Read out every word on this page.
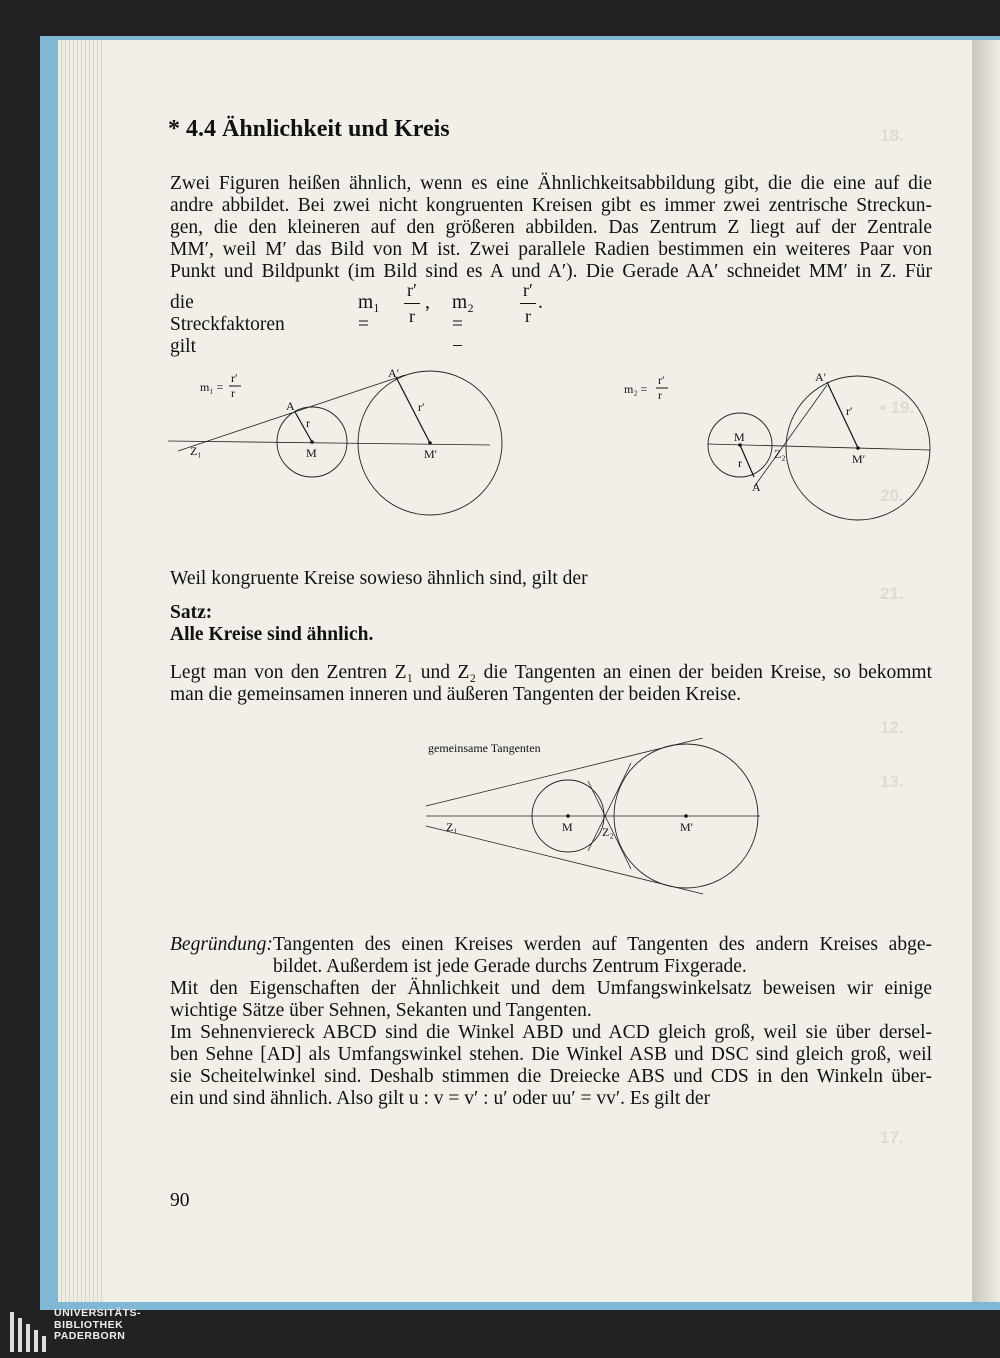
18.
• 19.
20.
21.
12.
13.
17.
* 4.4 Ähnlichkeit und Kreis
Zwei Figuren heißen ähnlich, wenn es eine Ähnlichkeitsabbildung gibt, die die eine auf die
andre abbildet. Bei zwei nicht kongruenten Kreisen gibt es immer zwei zentrische Streckun-
gen, die den kleineren auf den größeren abbilden. Das Zentrum Z liegt auf der Zentrale
MM′, weil M′ das Bild von M ist. Zwei parallele Radien bestimmen ein weiteres Paar von
Punkt und Bildpunkt (im Bild sind es A und A′). Die Gerade AA′ schneidet MM′ in Z. Für
die Streckfaktoren gilt
m₁ =
r′
r
, m₂ = −
r′
r
.
m₁ =
r′
r
Z₁
A
A′
r
r′
M	M′
m₂ =
r′
r
A′
r′
M
Z₂	M′
r
A
Weil kongruente Kreise sowieso ähnlich sind, gilt der
Satz:
Alle Kreise sind ähnlich.
Legt man von den Zentren Z₁ und Z₂ die Tangenten an einen der beiden Kreise, so bekommt
man die gemeinsamen inneren und äußeren Tangenten der beiden Kreise.
gemeinsame Tangenten
Z₁	M Z₂	M′
Begründung: Tangenten des einen Kreises werden auf Tangenten des andern Kreises abge-
bildet. Außerdem ist jede Gerade durchs Zentrum Fixgerade.
Mit den Eigenschaften der Ähnlichkeit und dem Umfangswinkelsatz beweisen wir einige
wichtige Sätze über Sehnen, Sekanten und Tangenten.
Im Sehnenviereck ABCD sind die Winkel ABD und ACD gleich groß, weil sie über dersel-
ben Sehne [AD] als Umfangswinkel stehen. Die Winkel ASB und DSC sind gleich groß, weil
sie Scheitelwinkel sind. Deshalb stimmen die Dreiecke ABS und CDS in den Winkeln über-
ein und sind ähnlich. Also gilt u : v = v′ : u′ oder uu′ = vv′. Es gilt der
90
UNIVERSITÄTS-
BIBLIOTHEK
PADERBORN
